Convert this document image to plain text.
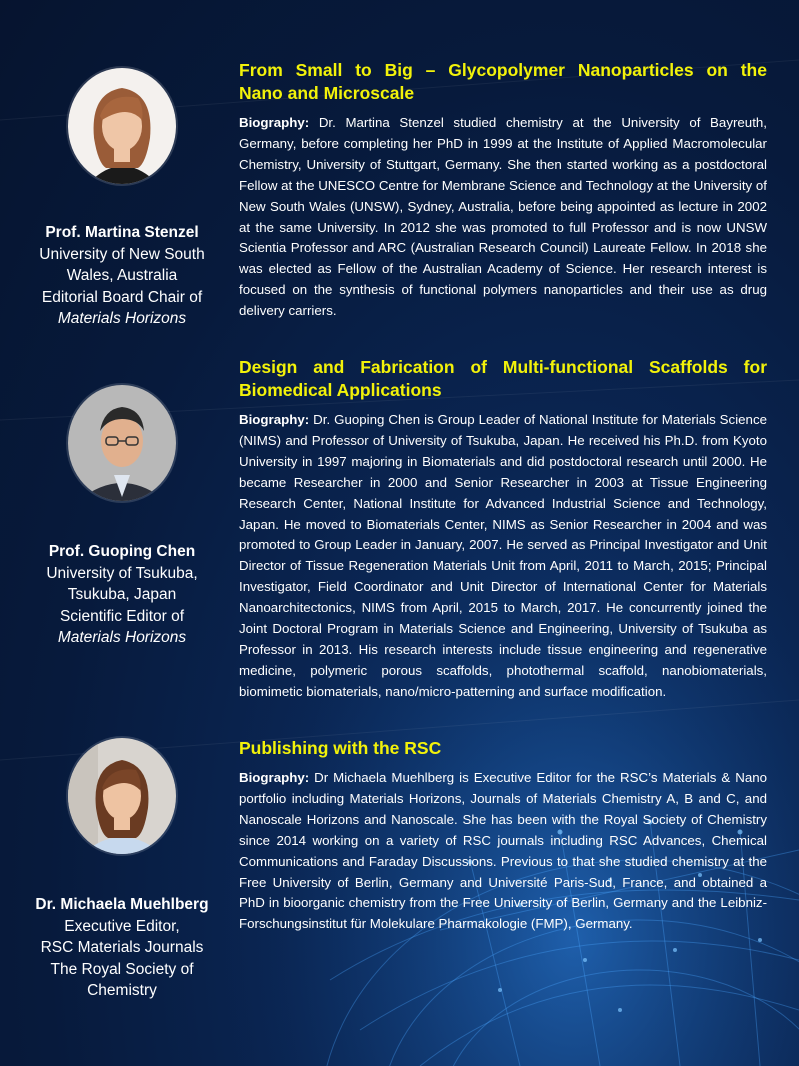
Prof. Martina Stenzel
University of New South
Wales, Australia
Editorial Board Chair of
Materials Horizons
From Small to Big – Glycopolymer Nanoparticles on the
Nano and Microscale

Biography: Dr. Martina Stenzel studied chemistry at the University of Bayreuth, Germany, before completing her PhD in 1999 at the Institute of Applied Macromolecular Chemistry, University of Stuttgart, Germany. She then started working as a postdoctoral Fellow at the UNESCO Centre for Membrane Science and Technology at the University of New South Wales (UNSW), Sydney, Australia, before being appointed as lecture in 2002 at the same University. In 2012 she was promoted to full Professor and is now UNSW Scientia Professor and ARC (Australian Research Council) Laureate Fellow. In 2018 she was elected as Fellow of the Australian Academy of Science. Her research interest is focused on the synthesis of functional polymers nanoparticles and their use as drug delivery carriers.

Prof. Guoping Chen
University of Tsukuba,
Tsukuba, Japan
Scientific Editor of
Materials Horizons
Design and Fabrication of Multi-functional Scaffolds for
Biomedical Applications

Biography: Dr. Guoping Chen is Group Leader of National Institute for Materials Science (NIMS) and Professor of University of Tsukuba, Japan. He received his Ph.D. from Kyoto University in 1997 majoring in Biomaterials and did postdoctoral research until 2000. He became Researcher in 2000 and Senior Researcher in 2003 at Tissue Engineering Research Center, National Institute for Advanced Industrial Science and Technology, Japan. He moved to Biomaterials Center, NIMS as Senior Researcher in 2004 and was promoted to Group Leader in January, 2007. He served as Principal Investigator and Unit Director of Tissue Regeneration Materials Unit from April, 2011 to March, 2015; Principal Investigator, Field Coordinator and Unit Director of International Center for Materials Nanoarchitectonics, NIMS from April, 2015 to March, 2017. He concurrently joined the Joint Doctoral Program in Materials Science and Engineering, University of Tsukuba as Professor in 2013. His research interests include tissue engineering and regenerative medicine, polymeric porous scaffolds, photothermal scaffold, nanobiomaterials, biomimetic biomaterials, nano/micro-patterning and surface modification.

Dr. Michaela Muehlberg
Executive Editor,
RSC Materials Journals
The Royal Society of
Chemistry
Publishing with the RSC

Biography: Dr Michaela Muehlberg is Executive Editor for the RSC’s Materials & Nano portfolio including Materials Horizons, Journals of Materials Chemistry A, B and C, and Nanoscale Horizons and Nanoscale. She has been with the Royal Society of Chemistry since 2014 working on a variety of RSC journals including RSC Advances, Chemical Communications and Faraday Discussions. Previous to that she studied chemistry at the Free University of Berlin, Germany and Université Paris-Sud, France, and obtained a PhD in bioorganic chemistry from the Free University of Berlin, Germany and the Leibniz-Forschungsinstitut für Molekulare Pharmakologie (FMP), Germany.
